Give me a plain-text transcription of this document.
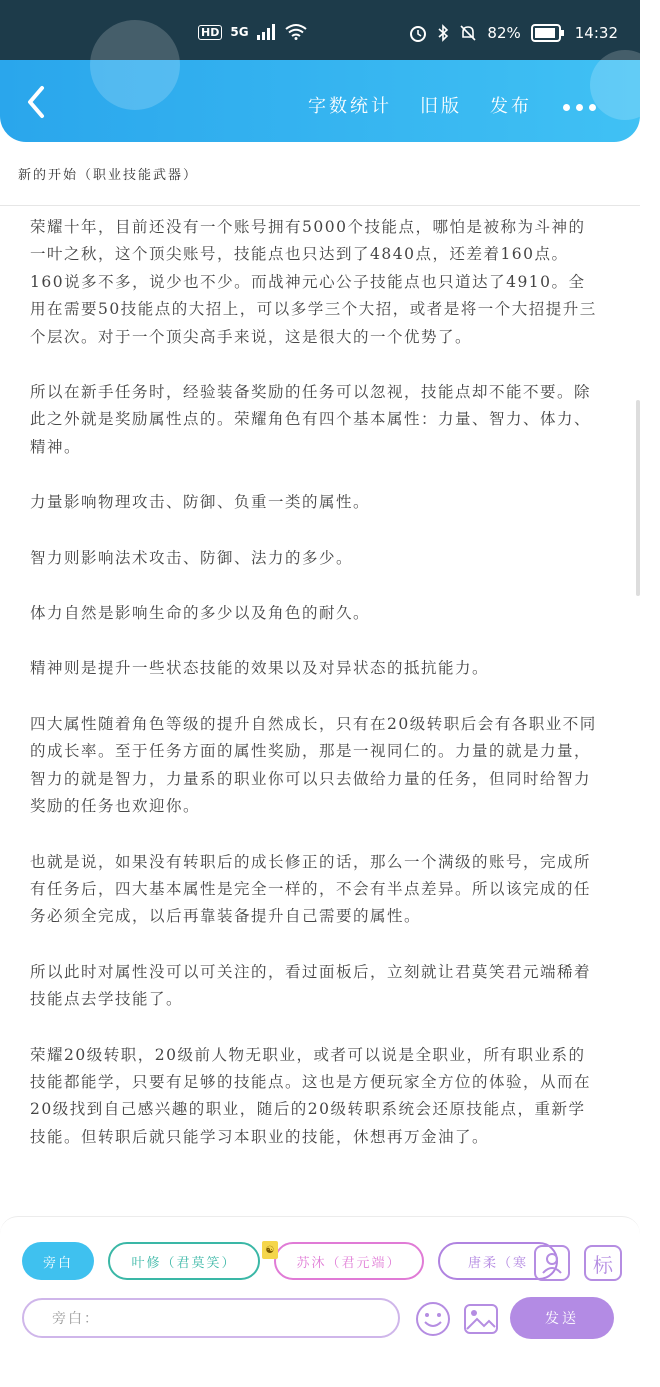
HD 5G	82%	14:32
字数统计 旧版 发布
新的开始（职业技能武器）

荣耀十年，目前还没有一个账号拥有5000个技能点，哪怕是被称为斗神的一叶之秋，这个顶尖账号，技能点也只达到了4840点，还差着160点。160说多不多，说少也不少。而战神元心公子技能点也只道达了4910。全用在需要50技能点的大招上，可以多学三个大招，或者是将一个大招提升三个层次。对于一个顶尖高手来说，这是很大的一个优势了。

所以在新手任务时，经验装备奖励的任务可以忽视，技能点却不能不要。除此之外就是奖励属性点的。荣耀角色有四个基本属性：力量、智力、体力、精神。

力量影响物理攻击、防御、负重一类的属性。

智力则影响法术攻击、防御、法力的多少。

体力自然是影响生命的多少以及角色的耐久。

精神则是提升一些状态技能的效果以及对异状态的抵抗能力。

四大属性随着角色等级的提升自然成长，只有在20级转职后会有各职业不同的成长率。至于任务方面的属性奖励，那是一视同仁的。力量的就是力量，智力的就是智力，力量系的职业你可以只去做给力量的任务，但同时给智力奖励的任务也欢迎你。

也就是说，如果没有转职后的成长修正的话，那么一个满级的账号，完成所有任务后，四大基本属性是完全一样的，不会有半点差异。所以该完成的任务必须全完成，以后再靠装备提升自己需要的属性。

所以此时对属性没可以可关注的，看过面板后，立刻就让君莫笑君元端稀着技能点去学技能了。

荣耀20级转职，20级前人物无职业，或者可以说是全职业，所有职业系的技能都能学，只要有足够的技能点。这也是方便玩家全方位的体验，从而在20级找到自己感兴趣的职业，随后的20级转职系统会还原技能点，重新学技能。但转职后就只能学习本职业的技能，休想再万金油了。

旁白	叶修（君莫笑）	苏沐（君元端）	唐柔（寒
☯
标
旁白：	发送
